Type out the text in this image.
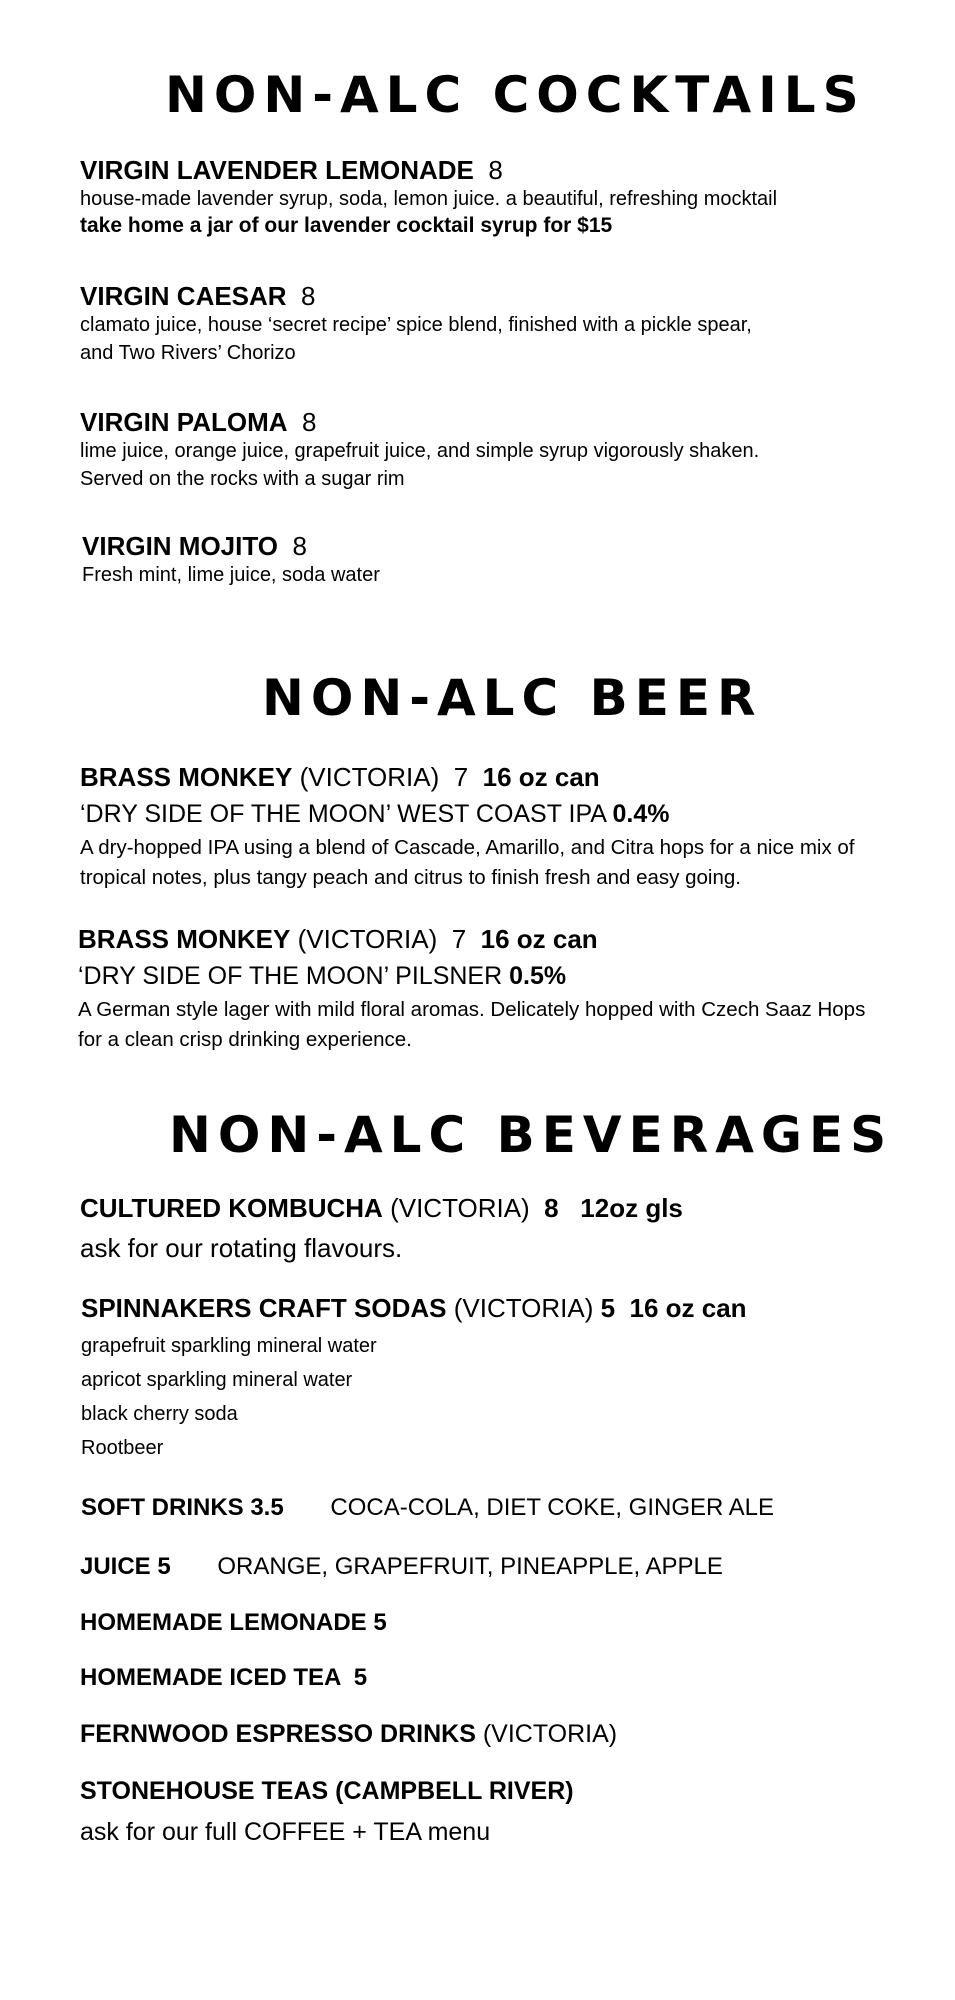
NON-ALC COCKTAILS
VIRGIN LAVENDER LEMONADE 8
house-made lavender syrup, soda, lemon juice. a beautiful, refreshing mocktail
take home a jar of our lavender cocktail syrup for $15
VIRGIN CAESAR 8
clamato juice, house ‘secret recipe’ spice blend, finished with a pickle spear,
and Two Rivers’ Chorizo
VIRGIN PALOMA 8
lime juice, orange juice, grapefruit juice, and simple syrup vigorously shaken.
Served on the rocks with a sugar rim
VIRGIN MOJITO 8
Fresh mint, lime juice, soda water
NON-ALC BEER
BRASS MONKEY (VICTORIA) 7 16 oz can
‘DRY SIDE OF THE MOON’ WEST COAST IPA 0.4%
A dry-hopped IPA using a blend of Cascade, Amarillo, and Citra hops for a nice mix of
tropical notes, plus tangy peach and citrus to finish fresh and easy going.
BRASS MONKEY (VICTORIA) 7 16 oz can
‘DRY SIDE OF THE MOON’ PILSNER 0.5%
A German style lager with mild floral aromas. Delicately hopped with Czech Saaz Hops
for a clean crisp drinking experience.
NON-ALC BEVERAGES
CULTURED KOMBUCHA (VICTORIA) 8 12oz gls
ask for our rotating flavours.
SPINNAKERS CRAFT SODAS (VICTORIA) 5 16 oz can
grapefruit sparkling mineral water
apricot sparkling mineral water
black cherry soda
Rootbeer
SOFT DRINKS 3.5 COCA-COLA, DIET COKE, GINGER ALE
JUICE 5 ORANGE, GRAPEFRUIT, PINEAPPLE, APPLE
HOMEMADE LEMONADE 5
HOMEMADE ICED TEA  5
FERNWOOD ESPRESSO DRINKS (VICTORIA)
STONEHOUSE TEAS (CAMPBELL RIVER)
ask for our full COFFEE + TEA menu
